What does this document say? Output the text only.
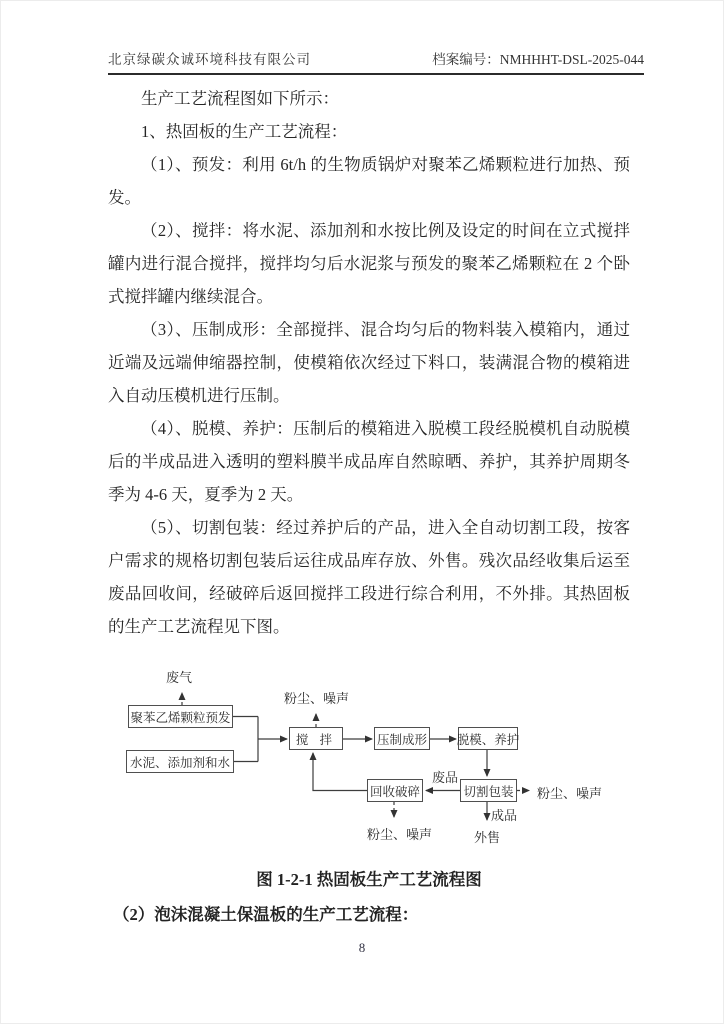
北京绿碳众诚环境科技有限公司	档案编号：NMHHHT-DSL-2025-044

生产工艺流程图如下所示：

1、热固板的生产工艺流程：

（1）、预发：利用 6t/h 的生物质锅炉对聚苯乙烯颗粒进行加热、预发。

（2）、搅拌：将水泥、添加剂和水按比例及设定的时间在立式搅拌罐内进行混合搅拌，搅拌均匀后水泥浆与预发的聚苯乙烯颗粒在 2 个卧式搅拌罐内继续混合。

（3）、压制成形：全部搅拌、混合均匀后的物料装入模箱内，通过近端及远端伸缩器控制，使模箱依次经过下料口，装满混合物的模箱进入自动压模机进行压制。

（4）、脱模、养护：压制后的模箱进入脱模工段经脱模机自动脱模后的半成品进入透明的塑料膜半成品库自然晾晒、养护，其养护周期冬季为 4-6 天，夏季为 2 天。

（5）、切割包装：经过养护后的产品，进入全自动切割工段，按客户需求的规格切割包装后运往成品库存放、外售。残次品经收集后运至废品回收间，经破碎后返回搅拌工段进行综合利用，不外排。其热固板的生产工艺流程见下图。

聚苯乙烯颗粒预发
水泥、添加剂和水
搅 拌	压制成形 脱模、养护
切割包装
回收破碎
废气
粉尘、噪声
废品
粉尘、噪声
成品
外售
粉尘、噪声
图 1-2-1 热固板生产工艺流程图
（2）泡沫混凝土保温板的生产工艺流程：
8
